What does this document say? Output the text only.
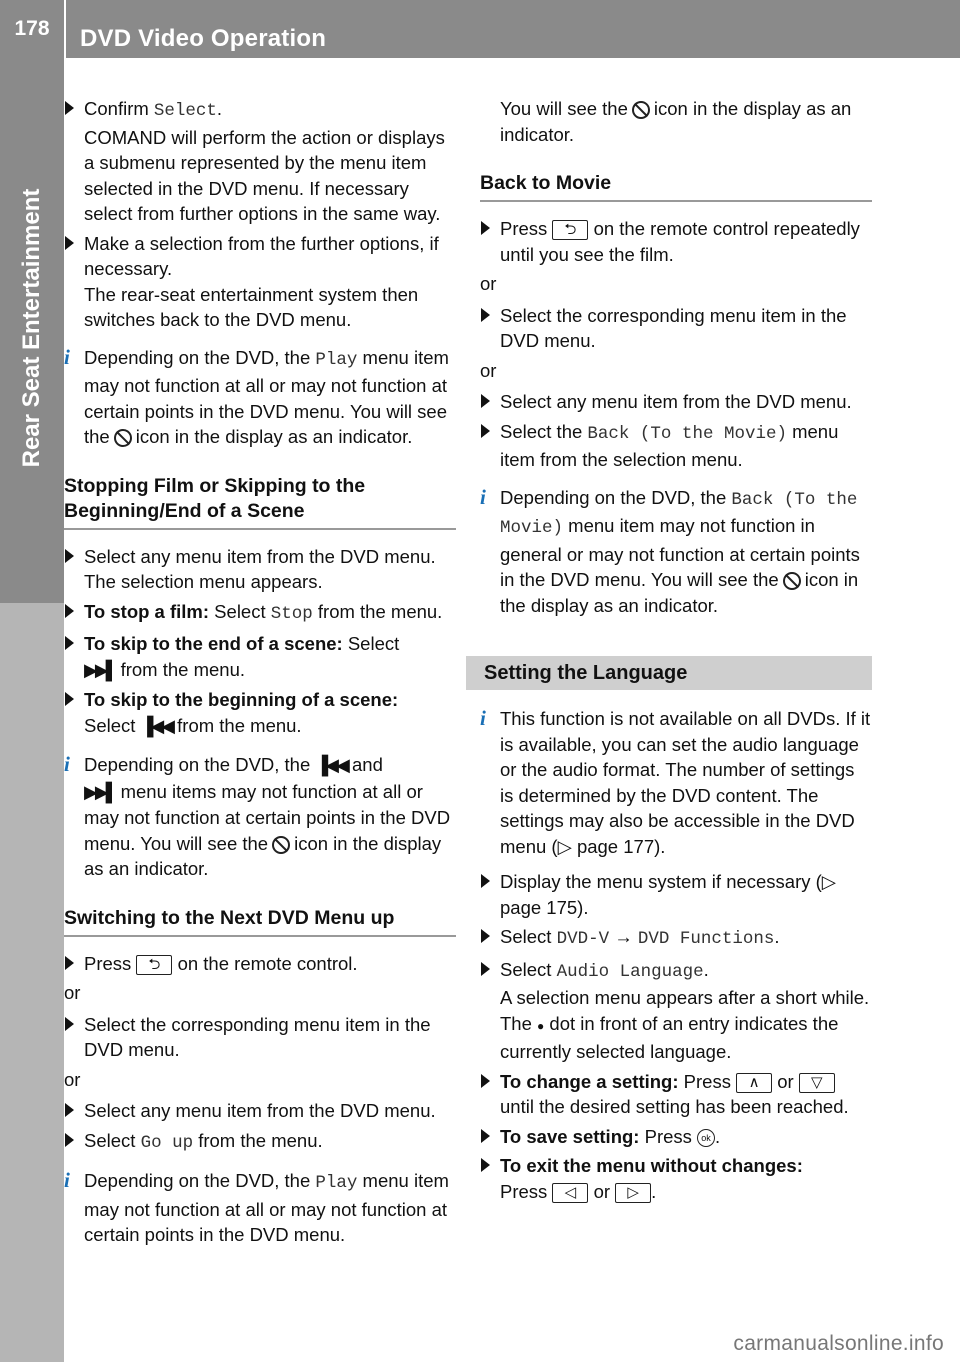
178	DVD Video Operation
Rear Seat Entertainment
Confirm Select.
COMAND will perform the action or displays a submenu represented by the menu item selected in the DVD menu. If necessary select from further options in the same way.
Make a selection from the further options, if necessary.
The rear-seat entertainment system then switches back to the DVD menu.
i Depending on the DVD, the Play menu item may not function at all or may not function at certain points in the DVD menu. You will see the icon in the display as an indicator.
Stopping Film or Skipping to the Beginning/End of a Scene
Select any menu item from the DVD menu.
The selection menu appears.
To stop a film: Select Stop from the menu.
To skip to the end of a scene: Select
▶▶▌ from the menu.
To skip to the beginning of a scene:
Select ▐◀◀ from the menu.
i Depending on the DVD, the ▐◀◀ and
▶▶▌ menu items may not function at all or may not function at certain points in the DVD menu. You will see the icon in the display as an indicator.
Switching to the Next DVD Menu up
Press ⮌ on the remote control.
or
Select the corresponding menu item in the DVD menu.
or
Select any menu item from the DVD menu.
Select Go up from the menu.
i Depending on the DVD, the Play menu item may not function at all or may not function at certain points in the DVD menu.
You will see the icon in the display as an indicator.
Back to Movie
Press ⮌ on the remote control repeatedly until you see the film.
or
Select the corresponding menu item in the DVD menu.
or
Select any menu item from the DVD menu.
Select the Back (To the Movie) menu item from the selection menu.
i Depending on the DVD, the Back (To the Movie) menu item may not function in general or may not function at certain points in the DVD menu. You will see the icon in the display as an indicator.
Setting the Language
i This function is not available on all DVDs. If it is available, you can set the audio language or the audio format. The number of settings is determined by the DVD content. The settings may also be accessible in the DVD menu (▷ page 177).
Display the menu system if necessary (▷ page 175).
Select DVD-V → DVD Functions.
Select Audio Language.
A selection menu appears after a short while. The ● dot in front of an entry indicates the currently selected language.
To change a setting: Press ∧ or ▽ until the desired setting has been reached.
To save setting: Press ok .
To exit the menu without changes:
Press ◁ or ▷ .
carmanualsonline.info
